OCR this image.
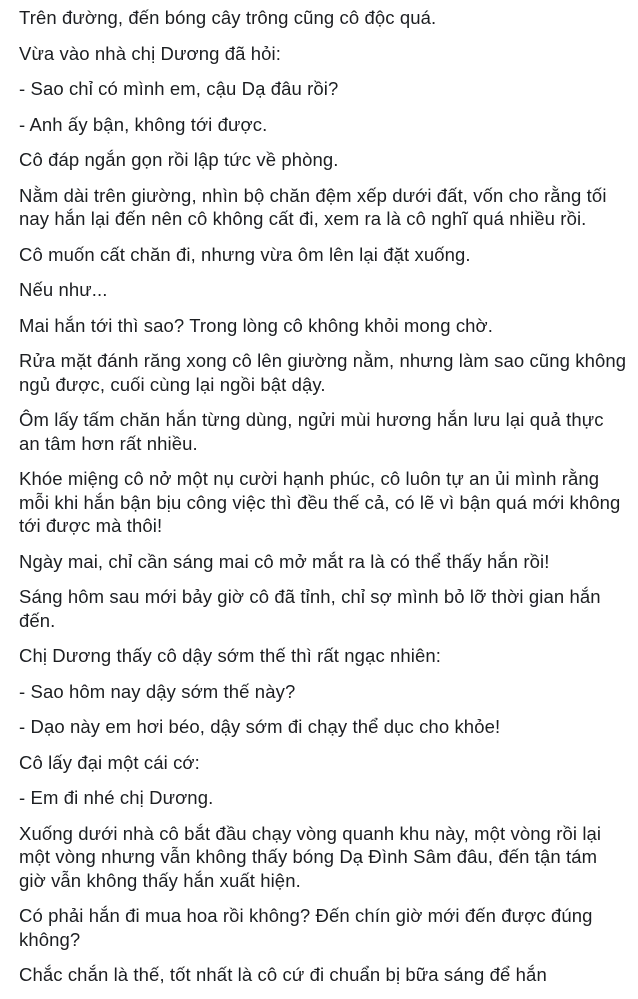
Trên đường, đến bóng cây trông cũng cô độc quá.

Vừa vào nhà chị Dương đã hỏi:

- Sao chỉ có mình em, cậu Dạ đâu rồi?

- Anh ấy bận, không tới được.

Cô đáp ngắn gọn rồi lập tức về phòng.

Nằm dài trên giường, nhìn bộ chăn đệm xếp dưới đất, vốn cho rằng tối nay hắn lại đến nên cô không cất đi, xem ra là cô nghĩ quá nhiều rồi.

Cô muốn cất chăn đi, nhưng vừa ôm lên lại đặt xuống.

Nếu như...

Mai hắn tới thì sao? Trong lòng cô không khỏi mong chờ.

Rửa mặt đánh răng xong cô lên giường nằm, nhưng làm sao cũng không ngủ được, cuối cùng lại ngồi bật dậy.

Ôm lấy tấm chăn hắn từng dùng, ngửi mùi hương hắn lưu lại quả thực an tâm hơn rất nhiều.

Khóe miệng cô nở một nụ cười hạnh phúc, cô luôn tự an ủi mình rằng mỗi khi hắn bận bịu công việc thì đều thế cả, có lẽ vì bận quá mới không tới được mà thôi!

Ngày mai, chỉ cần sáng mai cô mở mắt ra là có thể thấy hắn rồi!

Sáng hôm sau mới bảy giờ cô đã tỉnh, chỉ sợ mình bỏ lỡ thời gian hắn đến.

Chị Dương thấy cô dậy sớm thế thì rất ngạc nhiên:

- Sao hôm nay dậy sớm thế này?

- Dạo này em hơi béo, dậy sớm đi chạy thể dục cho khỏe!

Cô lấy đại một cái cớ:

- Em đi nhé chị Dương.

Xuống dưới nhà cô bắt đầu chạy vòng quanh khu này, một vòng rồi lại một vòng nhưng vẫn không thấy bóng Dạ Đình Sâm đâu, đến tận tám giờ vẫn không thấy hắn xuất hiện.

Có phải hắn đi mua hoa rồi không? Đến chín giờ mới đến được đúng không?

Chắc chắn là thế, tốt nhất là cô cứ đi chuẩn bị bữa sáng để hắn
